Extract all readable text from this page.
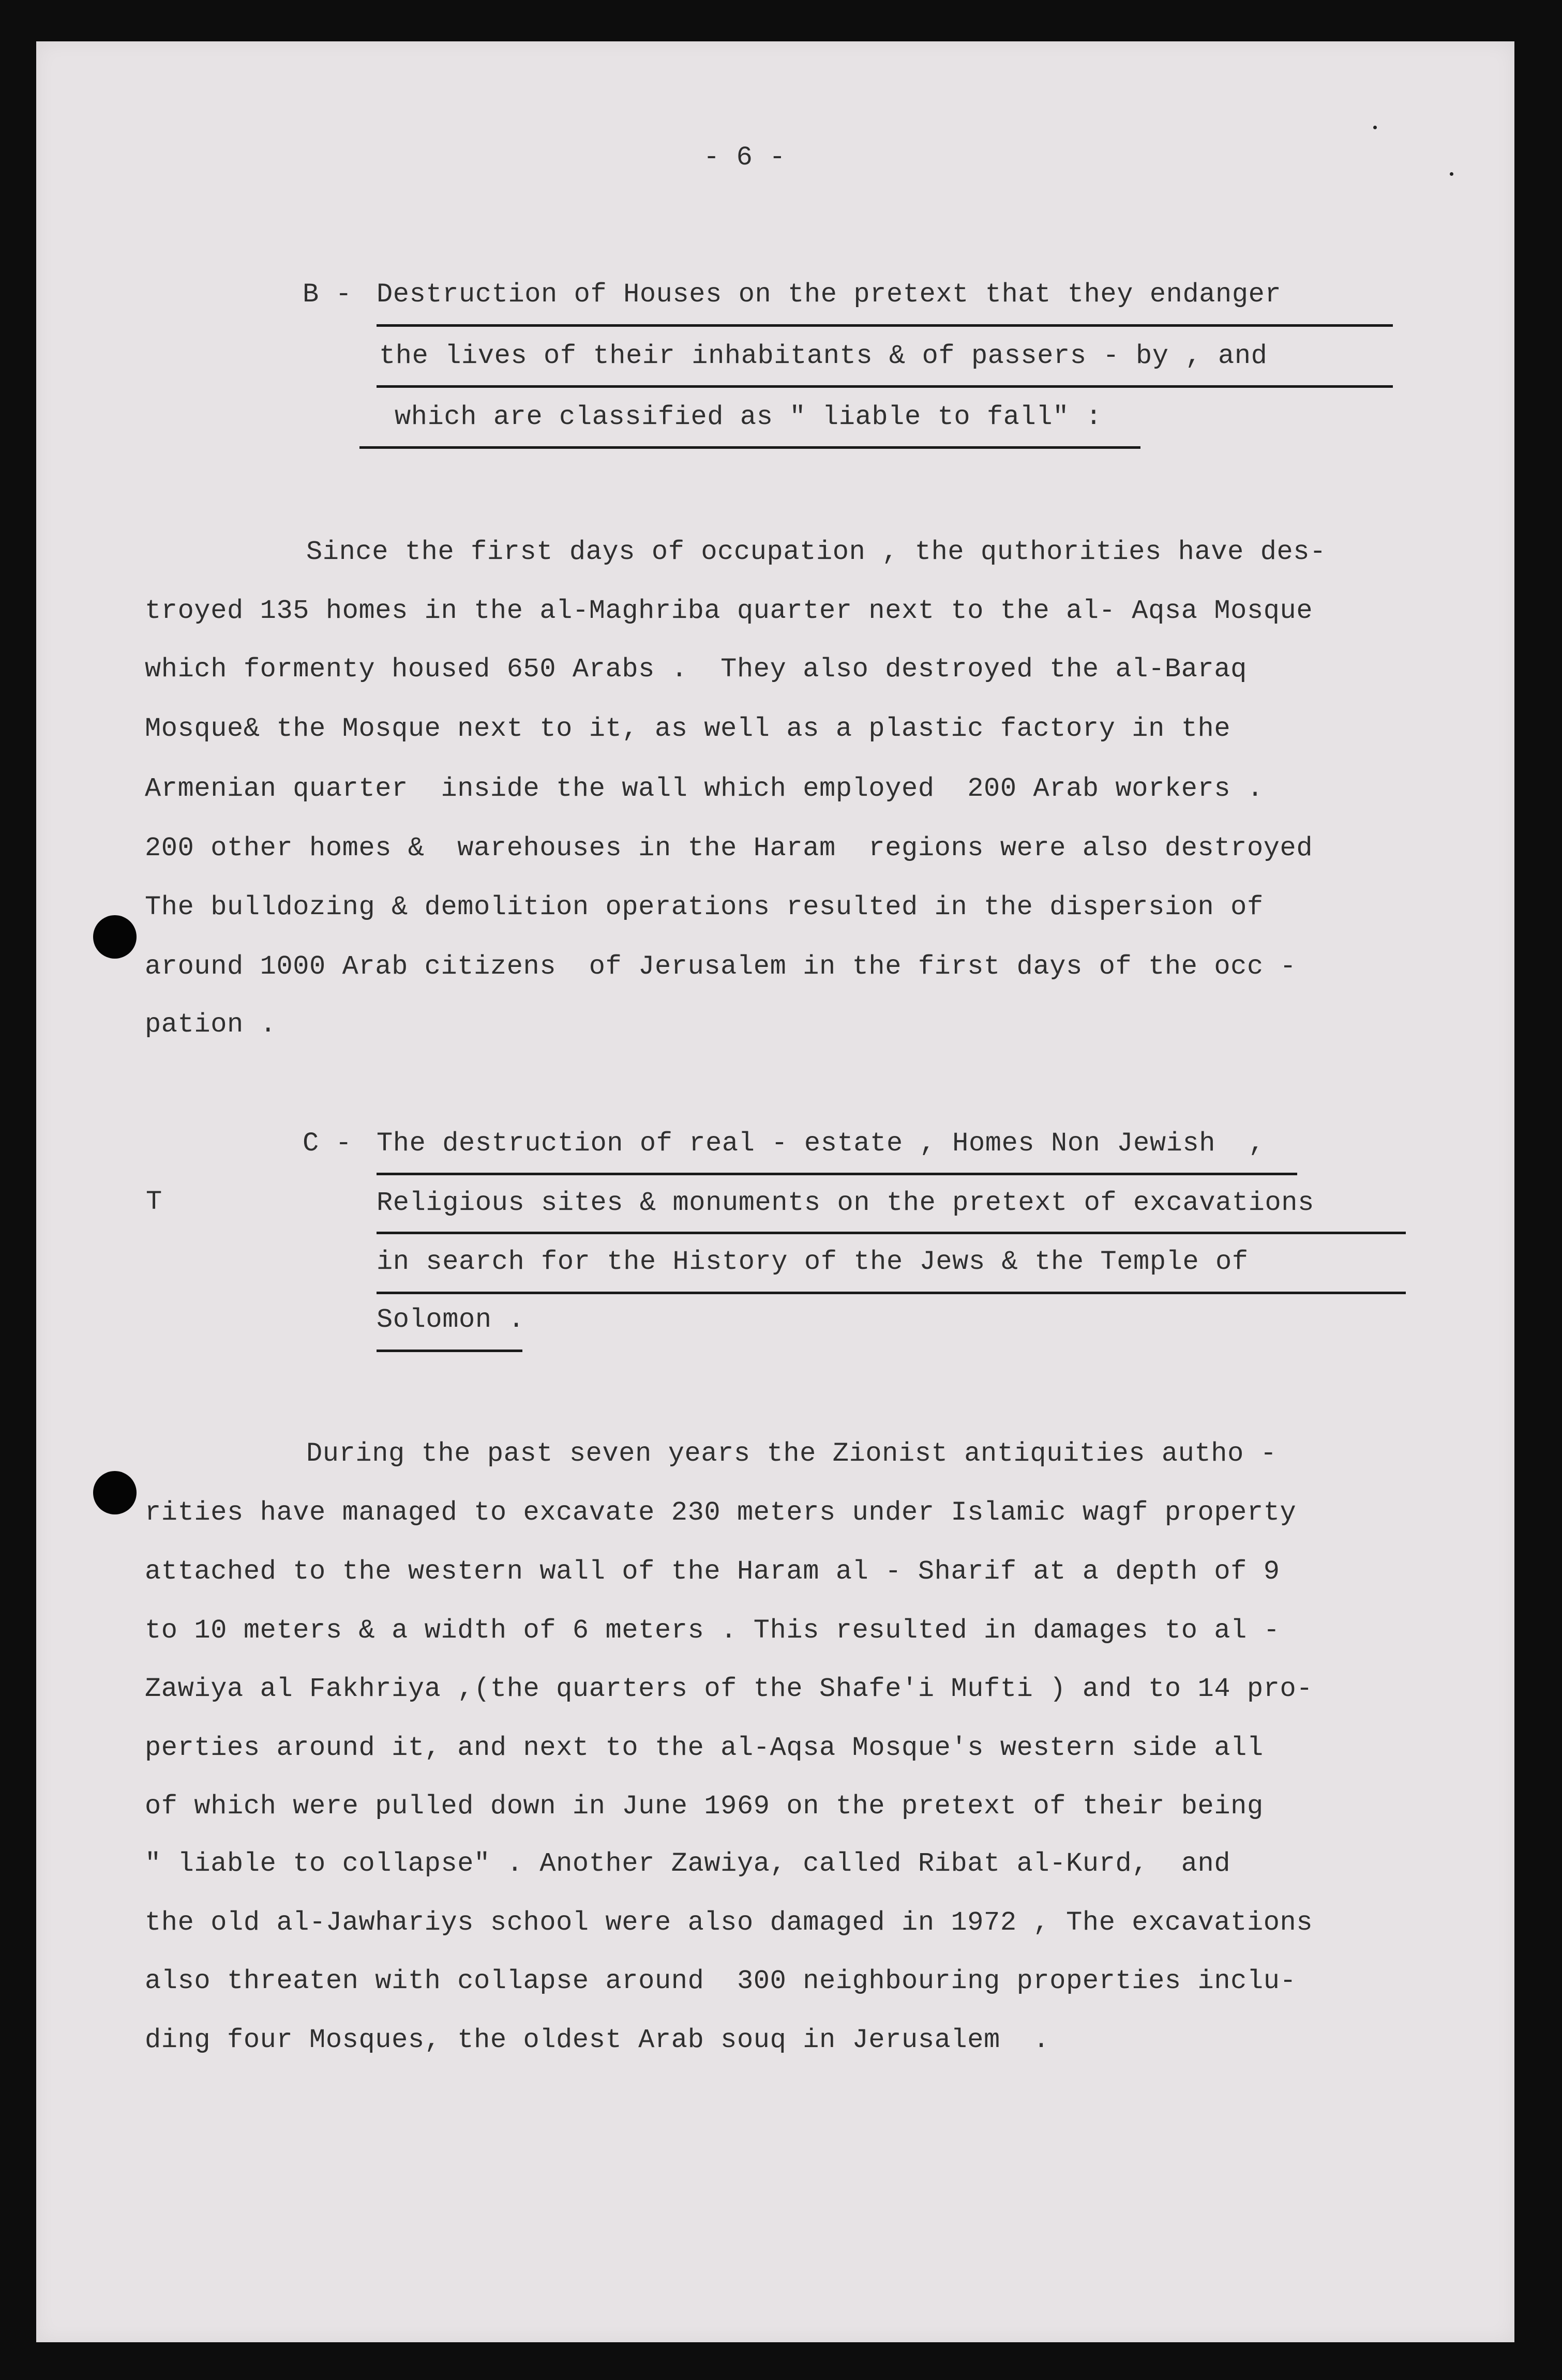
- 6 -
B - Destruction of Houses on the pretext that they endanger
the lives of their inhabitants & of passers - by , and
which are classified as " liable to fall" :
Since the first days of occupation , the quthorities have des-
troyed 135 homes in the al-Maghriba quarter next to the al- Aqsa Mosque
which formenty housed 650 Arabs .  They also destroyed the al-Baraq
Mosque& the Mosque next to it, as well as a plastic factory in the
Armenian quarter  inside the wall which employed  200 Arab workers .
200 other homes &  warehouses in the Haram  regions were also destroyed
The bulldozing & demolition operations resulted in the dispersion of
around 1000 Arab citizens  of Jerusalem in the first days of the occ -
pation .
C -
T
The destruction of real - estate , Homes Non Jewish  ,
Religious sites & monuments on the pretext of excavations
in search for the History of the Jews & the Temple of
Solomon .
During the past seven years the Zionist antiquities autho -
rities have managed to excavate 230 meters under Islamic wagf property
attached to the western wall of the Haram al - Sharif at a depth of 9
to 10 meters & a width of 6 meters . This resulted in damages to al -
Zawiya al Fakhriya ,(the quarters of the Shafe'i Mufti ) and to 14 pro-
perties around it, and next to the al-Aqsa Mosque's western side all
of which were pulled down in June 1969 on the pretext of their being
" liable to collapse" . Another Zawiya, called Ribat al-Kurd,  and
the old al-Jawhariys school were also damaged in 1972 , The excavations
also threaten with collapse around  300 neighbouring properties inclu-
ding four Mosques, the oldest Arab souq in Jerusalem  .
